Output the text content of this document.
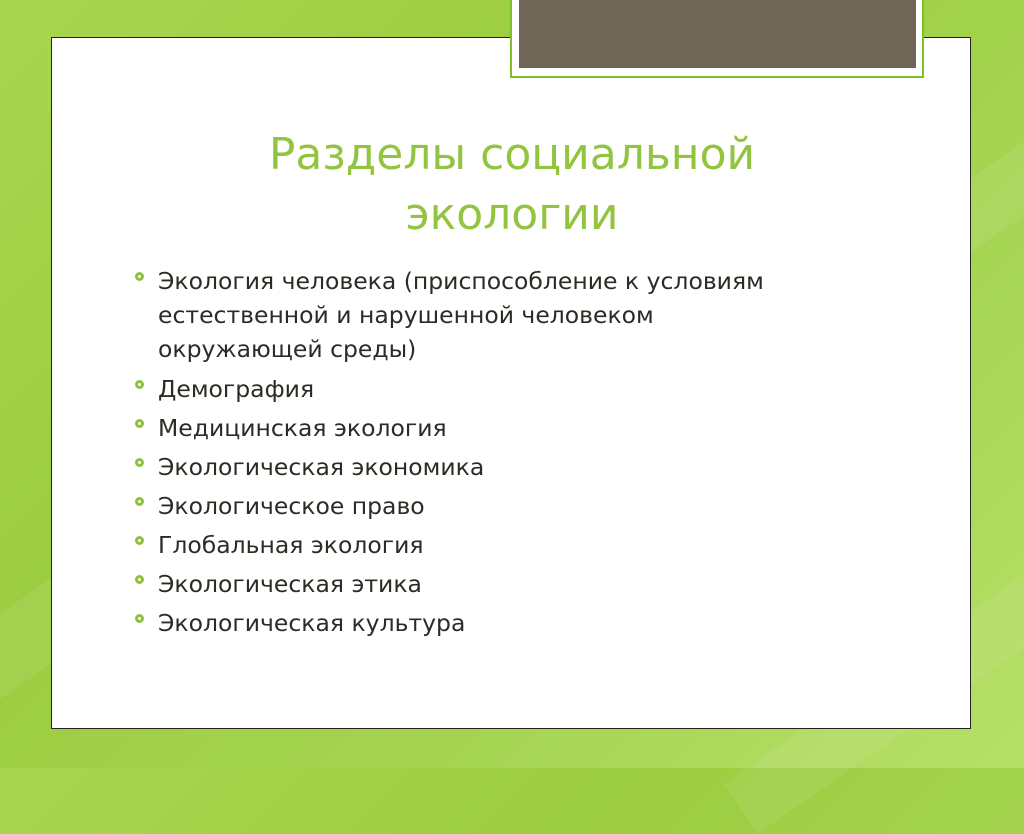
Разделы социальной
экологии
Экология человека (приспособление к условиям естественной и нарушенной человеком окружающей среды)
Демография
Медицинская экология
Экологическая экономика
Экологическое право
Глобальная экология
Экологическая этика
Экологическая культура
